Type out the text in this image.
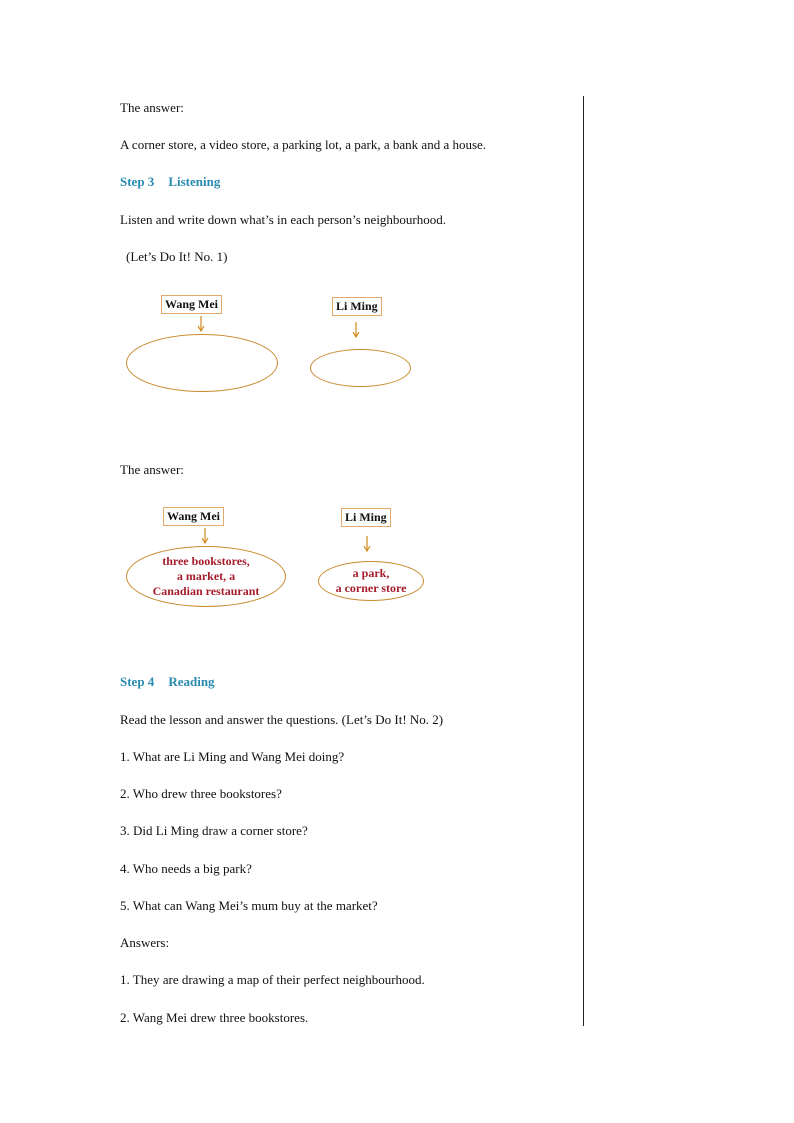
The answer:
A corner store, a video store, a parking lot, a park, a bank and a house.
Step 3 Listening
Listen and write down what’s in each person’s neighbourhood.
(Let’s Do It! No. 1)
Wang Mei	Li Ming
The answer:
Wang Mei
three bookstores,
a market, a
Canadian restaurant
Li Ming
a park,
a corner store
Step 4 Reading
Read the lesson and answer the questions. (Let’s Do It! No. 2)
1. What are Li Ming and Wang Mei doing?
2. Who drew three bookstores?
3. Did Li Ming draw a corner store?
4. Who needs a big park?
5. What can Wang Mei’s mum buy at the market?
Answers:
1. They are drawing a map of their perfect neighbourhood.
2. Wang Mei drew three bookstores.
